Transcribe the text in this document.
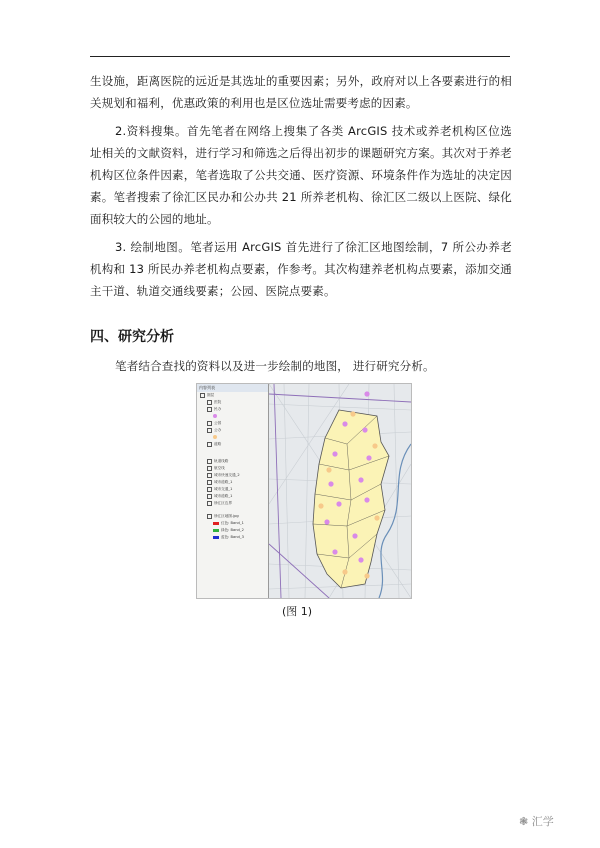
生设施，距离医院的远近是其选址的重要因素；另外，政府对以上各要素进行的相关规划和福利，优惠政策的利用也是区位选址需要考虑的因素。
2.资料搜集。首先笔者在网络上搜集了各类 ArcGIS 技术或养老机构区位选址相关的文献资料，进行学习和筛选之后得出初步的课题研究方案。其次对于养老机构区位条件因素，笔者选取了公共交通、医疗资源、环境条件作为选址的决定因素。笔者搜索了徐汇区民办和公办共 21 所养老机构、徐汇区二级以上医院、绿化面积较大的公园的地址。
3. 绘制地图。笔者运用 ArcGIS 首先进行了徐汇区地图绘制，7 所公办养老机构和 13 所民办养老机构点要素，作参考。其次构建养老机构点要素，添加交通主干道、轨道交通线要素；公园、医院点要素。
四、研究分析
笔者结合查找的资料以及进一步绘制的地图， 进行研究分析。
内容列表
图层
医院
民办
公园
公办
道路
轨道线路
航空线
城市快速交通_2
城市道路_1
城市交通_1
城市道路_1
徐汇区边界
徐汇区地图.jpg
红色: Band_1
绿色: Band_2
蓝色: Band_3
(图 1)
❃ 汇学
